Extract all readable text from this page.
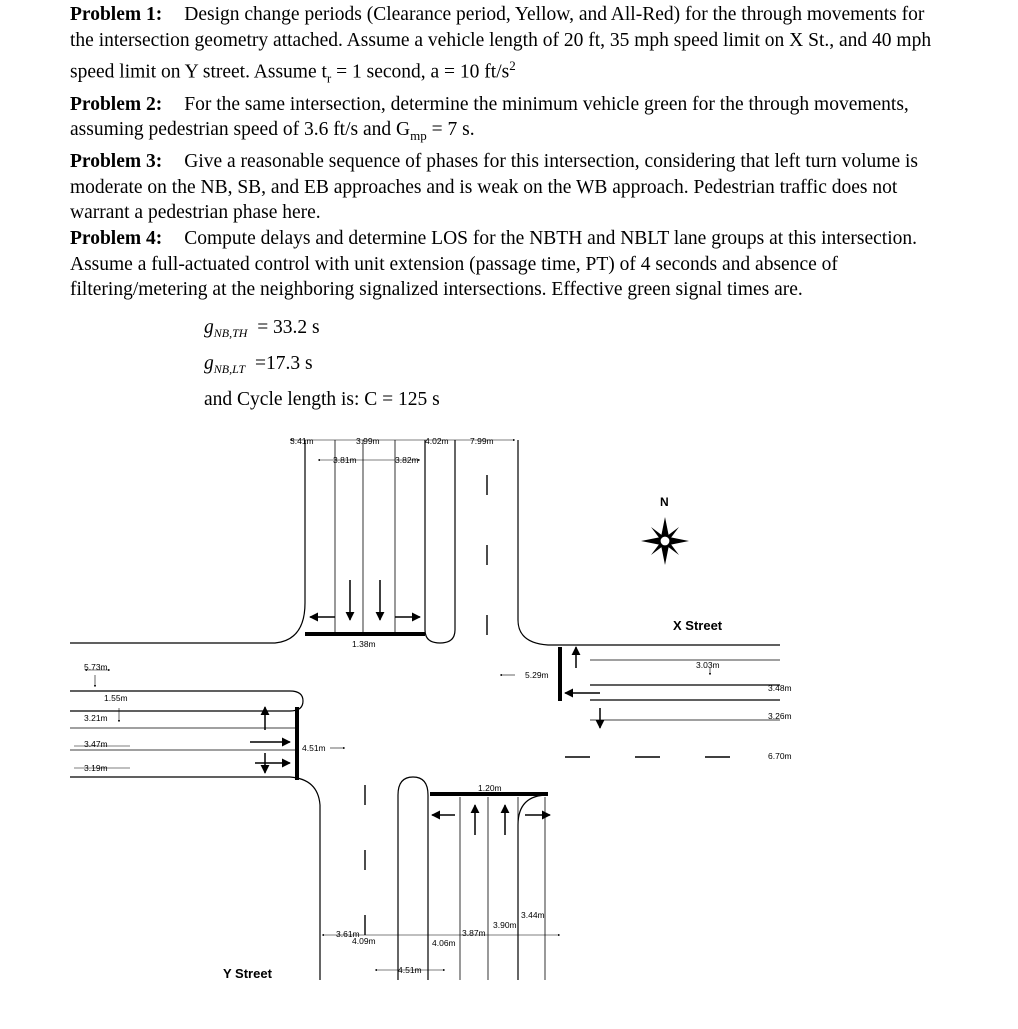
Problem 1: Design change periods (Clearance period, Yellow, and All-Red) for the through movements for the intersection geometry attached. Assume a vehicle length of 20 ft, 35 mph speed limit on X St., and 40 mph speed limit on Y street. Assume $t_r = 1$ second, a = 10 $ft/s^2$

Problem 2: For the same intersection, determine the minimum vehicle green for the through movements, assuming pedestrian speed of 3.6 ft/s and $G_{mp} = 7$ s.

Problem 3: Give a reasonable sequence of phases for this intersection, considering that left turn volume is moderate on the NB, SB, and EB approaches and is weak on the WB approach. Pedestrian traffic does not warrant a pedestrian phase here.

Problem 4: Compute delays and determine LOS for the NBTH and NBLT lane groups at this intersection. Assume a full-actuated control with unit extension (passage time, PT) of 4 seconds and absence of filtering/metering at the neighboring signalized intersections. Effective green signal times are.

$g_{NB,TH} = 33.2$ s
$g_{NB,LT} =17.3$ s
and Cycle length is: C = 125 s
3.41m	3.99m	4.02m	7.99m
3.81m	3.82m
1.38m
5.29m
3.03m
3.48m
3.26m
6.70m
5.73m
1.55m
3.21m
3.47m
3.19m
4.51m
1.20m
3.61m
4.09m	4.06m
3.87m
3.90m
3.44m
4.51m
N
X Street
Y Street
